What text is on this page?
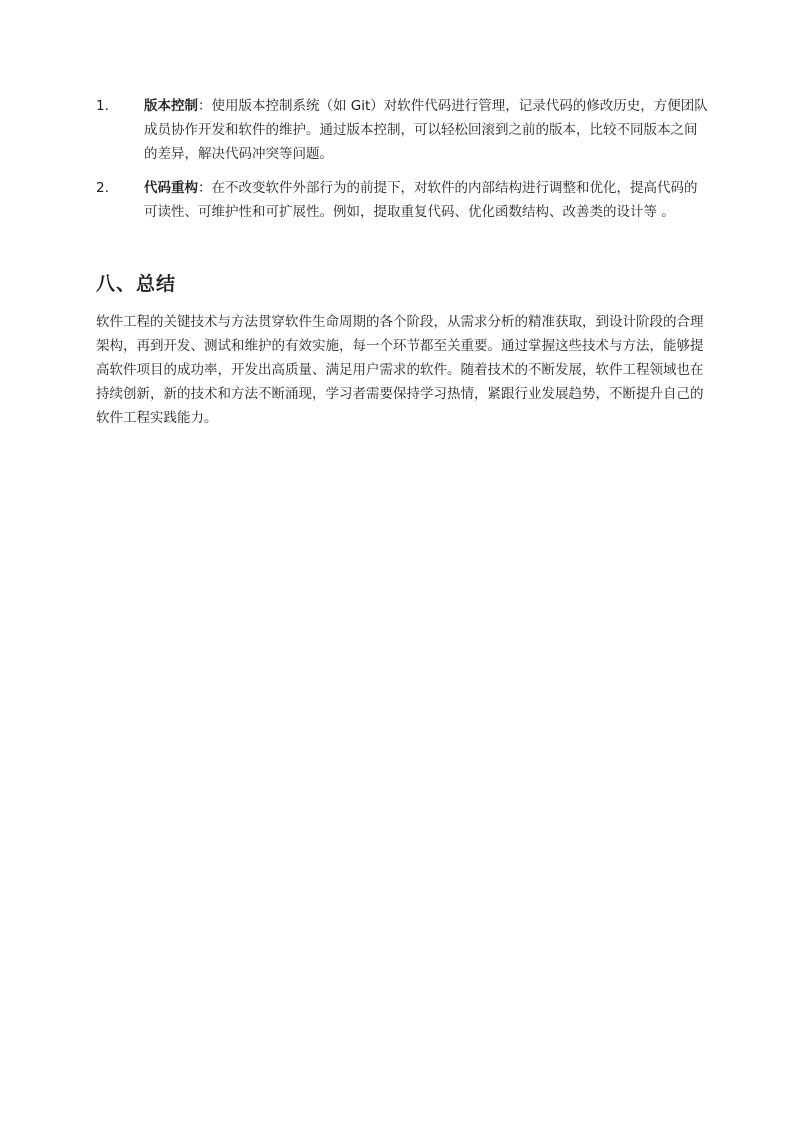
1.	版本控制：使用版本控制系统（如 Git）对软件代码进行管理，记录代码的修改历史，方便团队成员协作开发和软件的维护。通过版本控制，可以轻松回滚到之前的版本，比较不同版本之间的差异，解决代码冲突等问题。
2.	代码重构：在不改变软件外部行为的前提下，对软件的内部结构进行调整和优化，提高代码的可读性、可维护性和可扩展性。例如，提取重复代码、优化函数结构、改善类的设计等 。
八、总结

软件工程的关键技术与方法贯穿软件生命周期的各个阶段，从需求分析的精准获取，到设计阶段的合理架构，再到开发、测试和维护的有效实施，每一个环节都至关重要。通过掌握这些技术与方法，能够提高软件项目的成功率，开发出高质量、满足用户需求的软件。随着技术的不断发展，软件工程领域也在持续创新，新的技术和方法不断涌现，学习者需要保持学习热情，紧跟行业发展趋势，不断提升自己的软件工程实践能力。
